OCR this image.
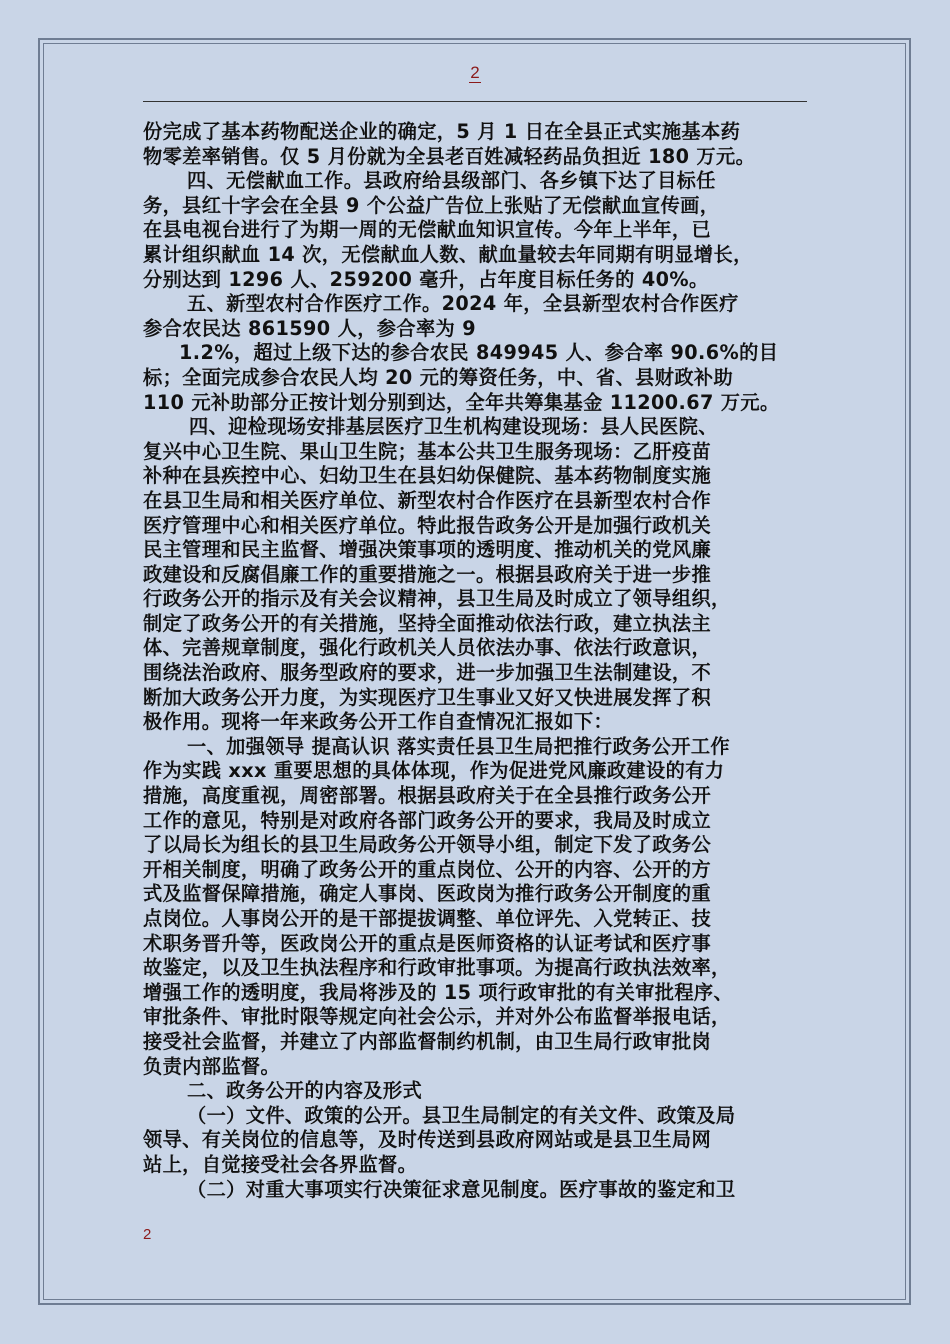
2
份完成了基本药物配送企业的确定，5 月 1 日在全县正式实施基本药
物零差率销售。仅 5 月份就为全县老百姓减轻药品负担近 180 万元。
四、无偿献血工作。县政府给县级部门、各乡镇下达了目标任
务，县红十字会在全县 9 个公益广告位上张贴了无偿献血宣传画，
在县电视台进行了为期一周的无偿献血知识宣传。今年上半年，已
累计组织献血 14 次，无偿献血人数、献血量较去年同期有明显增长，
分别达到 1296 人、259200 毫升，占年度目标任务的 40%。
五、新型农村合作医疗工作。2024 年，全县新型农村合作医疗
参合农民达 861590 人，参合率为 9
1.2%，超过上级下达的参合农民 849945 人、参合率 90.6%的目
标；全面完成参合农民人均 20 元的筹资任务，中、省、县财政补助
110 元补助部分正按计划分别到达，全年共筹集基金 11200.67 万元。
四、迎检现场安排基层医疗卫生机构建设现场：县人民医院、
复兴中心卫生院、果山卫生院；基本公共卫生服务现场：乙肝疫苗
补种在县疾控中心、妇幼卫生在县妇幼保健院、基本药物制度实施
在县卫生局和相关医疗单位、新型农村合作医疗在县新型农村合作
医疗管理中心和相关医疗单位。特此报告政务公开是加强行政机关
民主管理和民主监督、增强决策事项的透明度、推动机关的党风廉
政建设和反腐倡廉工作的重要措施之一。根据县政府关于进一步推
行政务公开的指示及有关会议精神，县卫生局及时成立了领导组织，
制定了政务公开的有关措施，坚持全面推动依法行政，建立执法主
体、完善规章制度，强化行政机关人员依法办事、依法行政意识，
围绕法治政府、服务型政府的要求，进一步加强卫生法制建设，不
断加大政务公开力度，为实现医疗卫生事业又好又快进展发挥了积
极作用。现将一年来政务公开工作自查情况汇报如下：
一、加强领导 提高认识 落实责任县卫生局把推行政务公开工作
作为实践 xxx 重要思想的具体体现，作为促进党风廉政建设的有力
措施，高度重视，周密部署。根据县政府关于在全县推行政务公开
工作的意见，特别是对政府各部门政务公开的要求，我局及时成立
了以局长为组长的县卫生局政务公开领导小组，制定下发了政务公
开相关制度，明确了政务公开的重点岗位、公开的内容、公开的方
式及监督保障措施，确定人事岗、医政岗为推行政务公开制度的重
点岗位。人事岗公开的是干部提拔调整、单位评先、入党转正、技
术职务晋升等，医政岗公开的重点是医师资格的认证考试和医疗事
故鉴定，以及卫生执法程序和行政审批事项。为提高行政执法效率，
增强工作的透明度，我局将涉及的 15 项行政审批的有关审批程序、
审批条件、审批时限等规定向社会公示，并对外公布监督举报电话，
接受社会监督，并建立了内部监督制约机制，由卫生局行政审批岗
负责内部监督。
二、政务公开的内容及形式
（一）文件、政策的公开。县卫生局制定的有关文件、政策及局
领导、有关岗位的信息等，及时传送到县政府网站或是县卫生局网
站上，自觉接受社会各界监督。
（二）对重大事项实行决策征求意见制度。医疗事故的鉴定和卫
2
